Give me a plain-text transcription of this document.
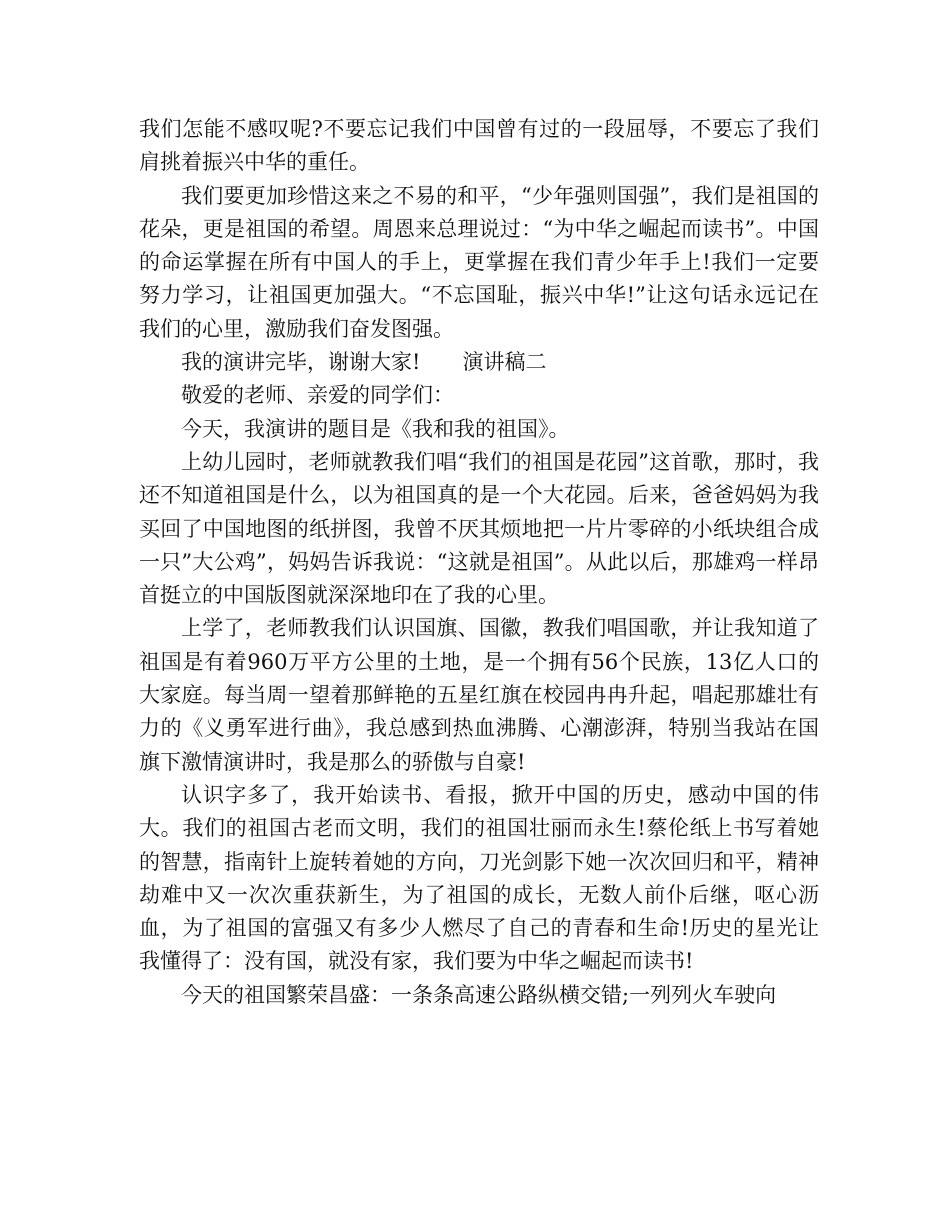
我们怎能不感叹呢?不要忘记我们中国曾有过的一段屈辱，不要忘了我们肩挑着振兴中华的重任。

我们要更加珍惜这来之不易的和平，“少年强则国强”，我们是祖国的花朵，更是祖国的希望。周恩来总理说过：“为中华之崛起而读书”。中国的命运掌握在所有中国人的手上，更掌握在我们青少年手上!我们一定要努力学习，让祖国更加强大。“不忘国耻，振兴中华!”让这句话永远记在我们的心里，激励我们奋发图强。

我的演讲完毕，谢谢大家!　　演讲稿二

敬爱的老师、亲爱的同学们：

今天，我演讲的题目是《我和我的祖国》。

上幼儿园时，老师就教我们唱“我们的祖国是花园”这首歌，那时，我还不知道祖国是什么，以为祖国真的是一个大花园。后来，爸爸妈妈为我买回了中国地图的纸拼图，我曾不厌其烦地把一片片零碎的小纸块组合成一只”大公鸡”，妈妈告诉我说：“这就是祖国”。从此以后，那雄鸡一样昂首挺立的中国版图就深深地印在了我的心里。

上学了，老师教我们认识国旗、国徽，教我们唱国歌，并让我知道了祖国是有着960万平方公里的土地，是一个拥有56个民族，13亿人口的大家庭。每当周一望着那鲜艳的五星红旗在校园冉冉升起，唱起那雄壮有力的《义勇军进行曲》，我总感到热血沸腾、心潮澎湃，特别当我站在国旗下激情演讲时，我是那么的骄傲与自豪!

认识字多了，我开始读书、看报，掀开中国的历史，感动中国的伟大。我们的祖国古老而文明，我们的祖国壮丽而永生!蔡伦纸上书写着她的智慧，指南针上旋转着她的方向，刀光剑影下她一次次回归和平，精神劫难中又一次次重获新生，为了祖国的成长，无数人前仆后继，呕心沥血，为了祖国的富强又有多少人燃尽了自己的青春和生命!历史的星光让我懂得了：没有国，就没有家，我们要为中华之崛起而读书!

今天的祖国繁荣昌盛：一条条高速公路纵横交错;一列列火车驶向
